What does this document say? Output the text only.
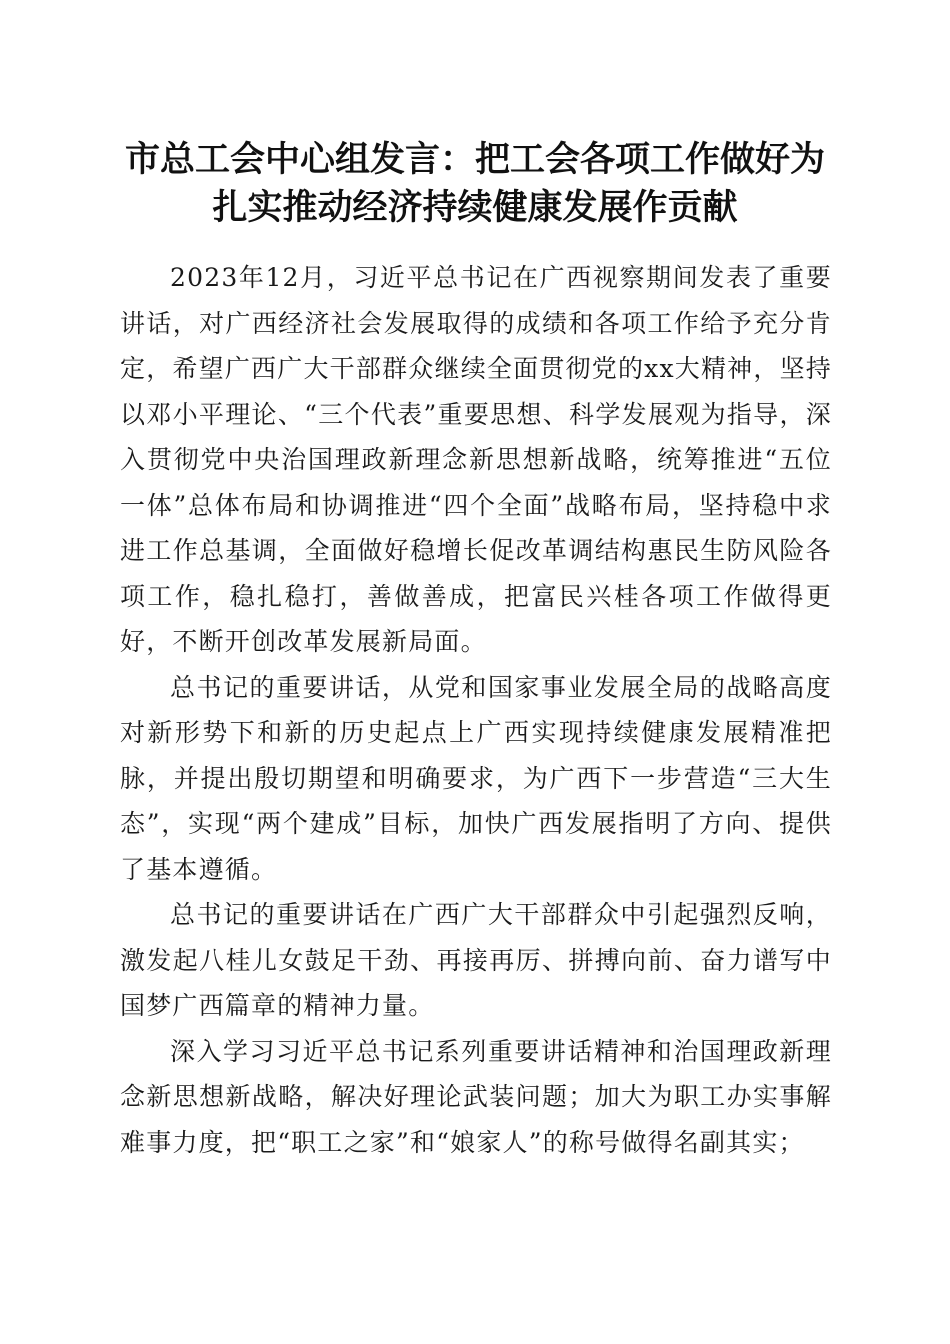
市总工会中心组发言：把工会各项工作做好为
扎实推动经济持续健康发展作贡献

2023年12月，习近平总书记在广西视察期间发表了重要讲话，对广西经济社会发展取得的成绩和各项工作给予充分肯定，希望广西广大干部群众继续全面贯彻党的xx大精神，坚持以邓小平理论、“三个代表”重要思想、科学发展观为指导，深入贯彻党中央治国理政新理念新思想新战略，统筹推进“五位一体”总体布局和协调推进“四个全面”战略布局，坚持稳中求进工作总基调，全面做好稳增长促改革调结构惠民生防风险各项工作，稳扎稳打，善做善成，把富民兴桂各项工作做得更好，不断开创改革发展新局面。

总书记的重要讲话，从党和国家事业发展全局的战略高度对新形势下和新的历史起点上广西实现持续健康发展精准把脉，并提出殷切期望和明确要求，为广西下一步营造“三大生态”，实现“两个建成”目标，加快广西发展指明了方向、提供了基本遵循。

总书记的重要讲话在广西广大干部群众中引起强烈反响，激发起八桂儿女鼓足干劲、再接再厉、拼搏向前、奋力谱写中国梦广西篇章的精神力量。

深入学习习近平总书记系列重要讲话精神和治国理政新理念新思想新战略，解决好理论武装问题；加大为职工办实事解难事力度，把“职工之家”和“娘家人”的称号做得名副其实；
